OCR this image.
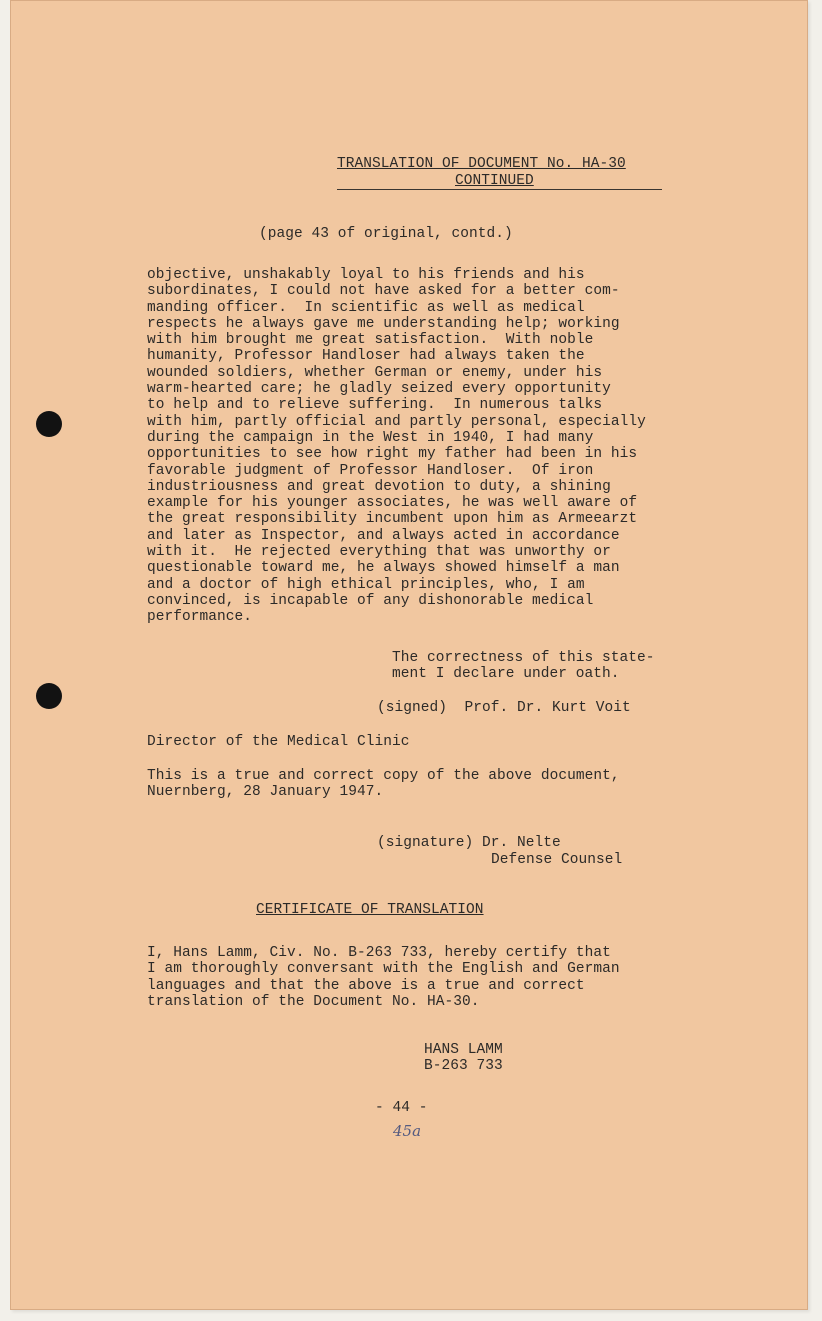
TRANSLATION OF DOCUMENT No. HA-30
CONTINUED
(page 43 of original, contd.)
objective, unshakably loyal to his friends and his
subordinates, I could not have asked for a better com-
manding officer.  In scientific as well as medical
respects he always gave me understanding help; working
with him brought me great satisfaction.  With noble
humanity, Professor Handloser had always taken the
wounded soldiers, whether German or enemy, under his
warm-hearted care; he gladly seized every opportunity
to help and to relieve suffering.  In numerous talks
with him, partly official and partly personal, especially
during the campaign in the West in 1940, I had many
opportunities to see how right my father had been in his
favorable judgment of Professor Handloser.  Of iron
industriousness and great devotion to duty, a shining
example for his younger associates, he was well aware of
the great responsibility incumbent upon him as Armeearzt
and later as Inspector, and always acted in accordance
with it.  He rejected everything that was unworthy or
questionable toward me, he always showed himself a man
and a doctor of high ethical principles, who, I am
convinced, is incapable of any dishonorable medical
performance.
The correctness of this state-
ment I declare under oath.
(signed)  Prof. Dr. Kurt Voit
Director of the Medical Clinic
This is a true and correct copy of the above document,
Nuernberg, 28 January 1947.
(signature) Dr. Nelte
Defense Counsel
CERTIFICATE OF TRANSLATION
I, Hans Lamm, Civ. No. B-263 733, hereby certify that
I am thoroughly conversant with the English and German
languages and that the above is a true and correct
translation of the Document No. HA-30.
HANS LAMM
B-263 733
- 44 -
45a
